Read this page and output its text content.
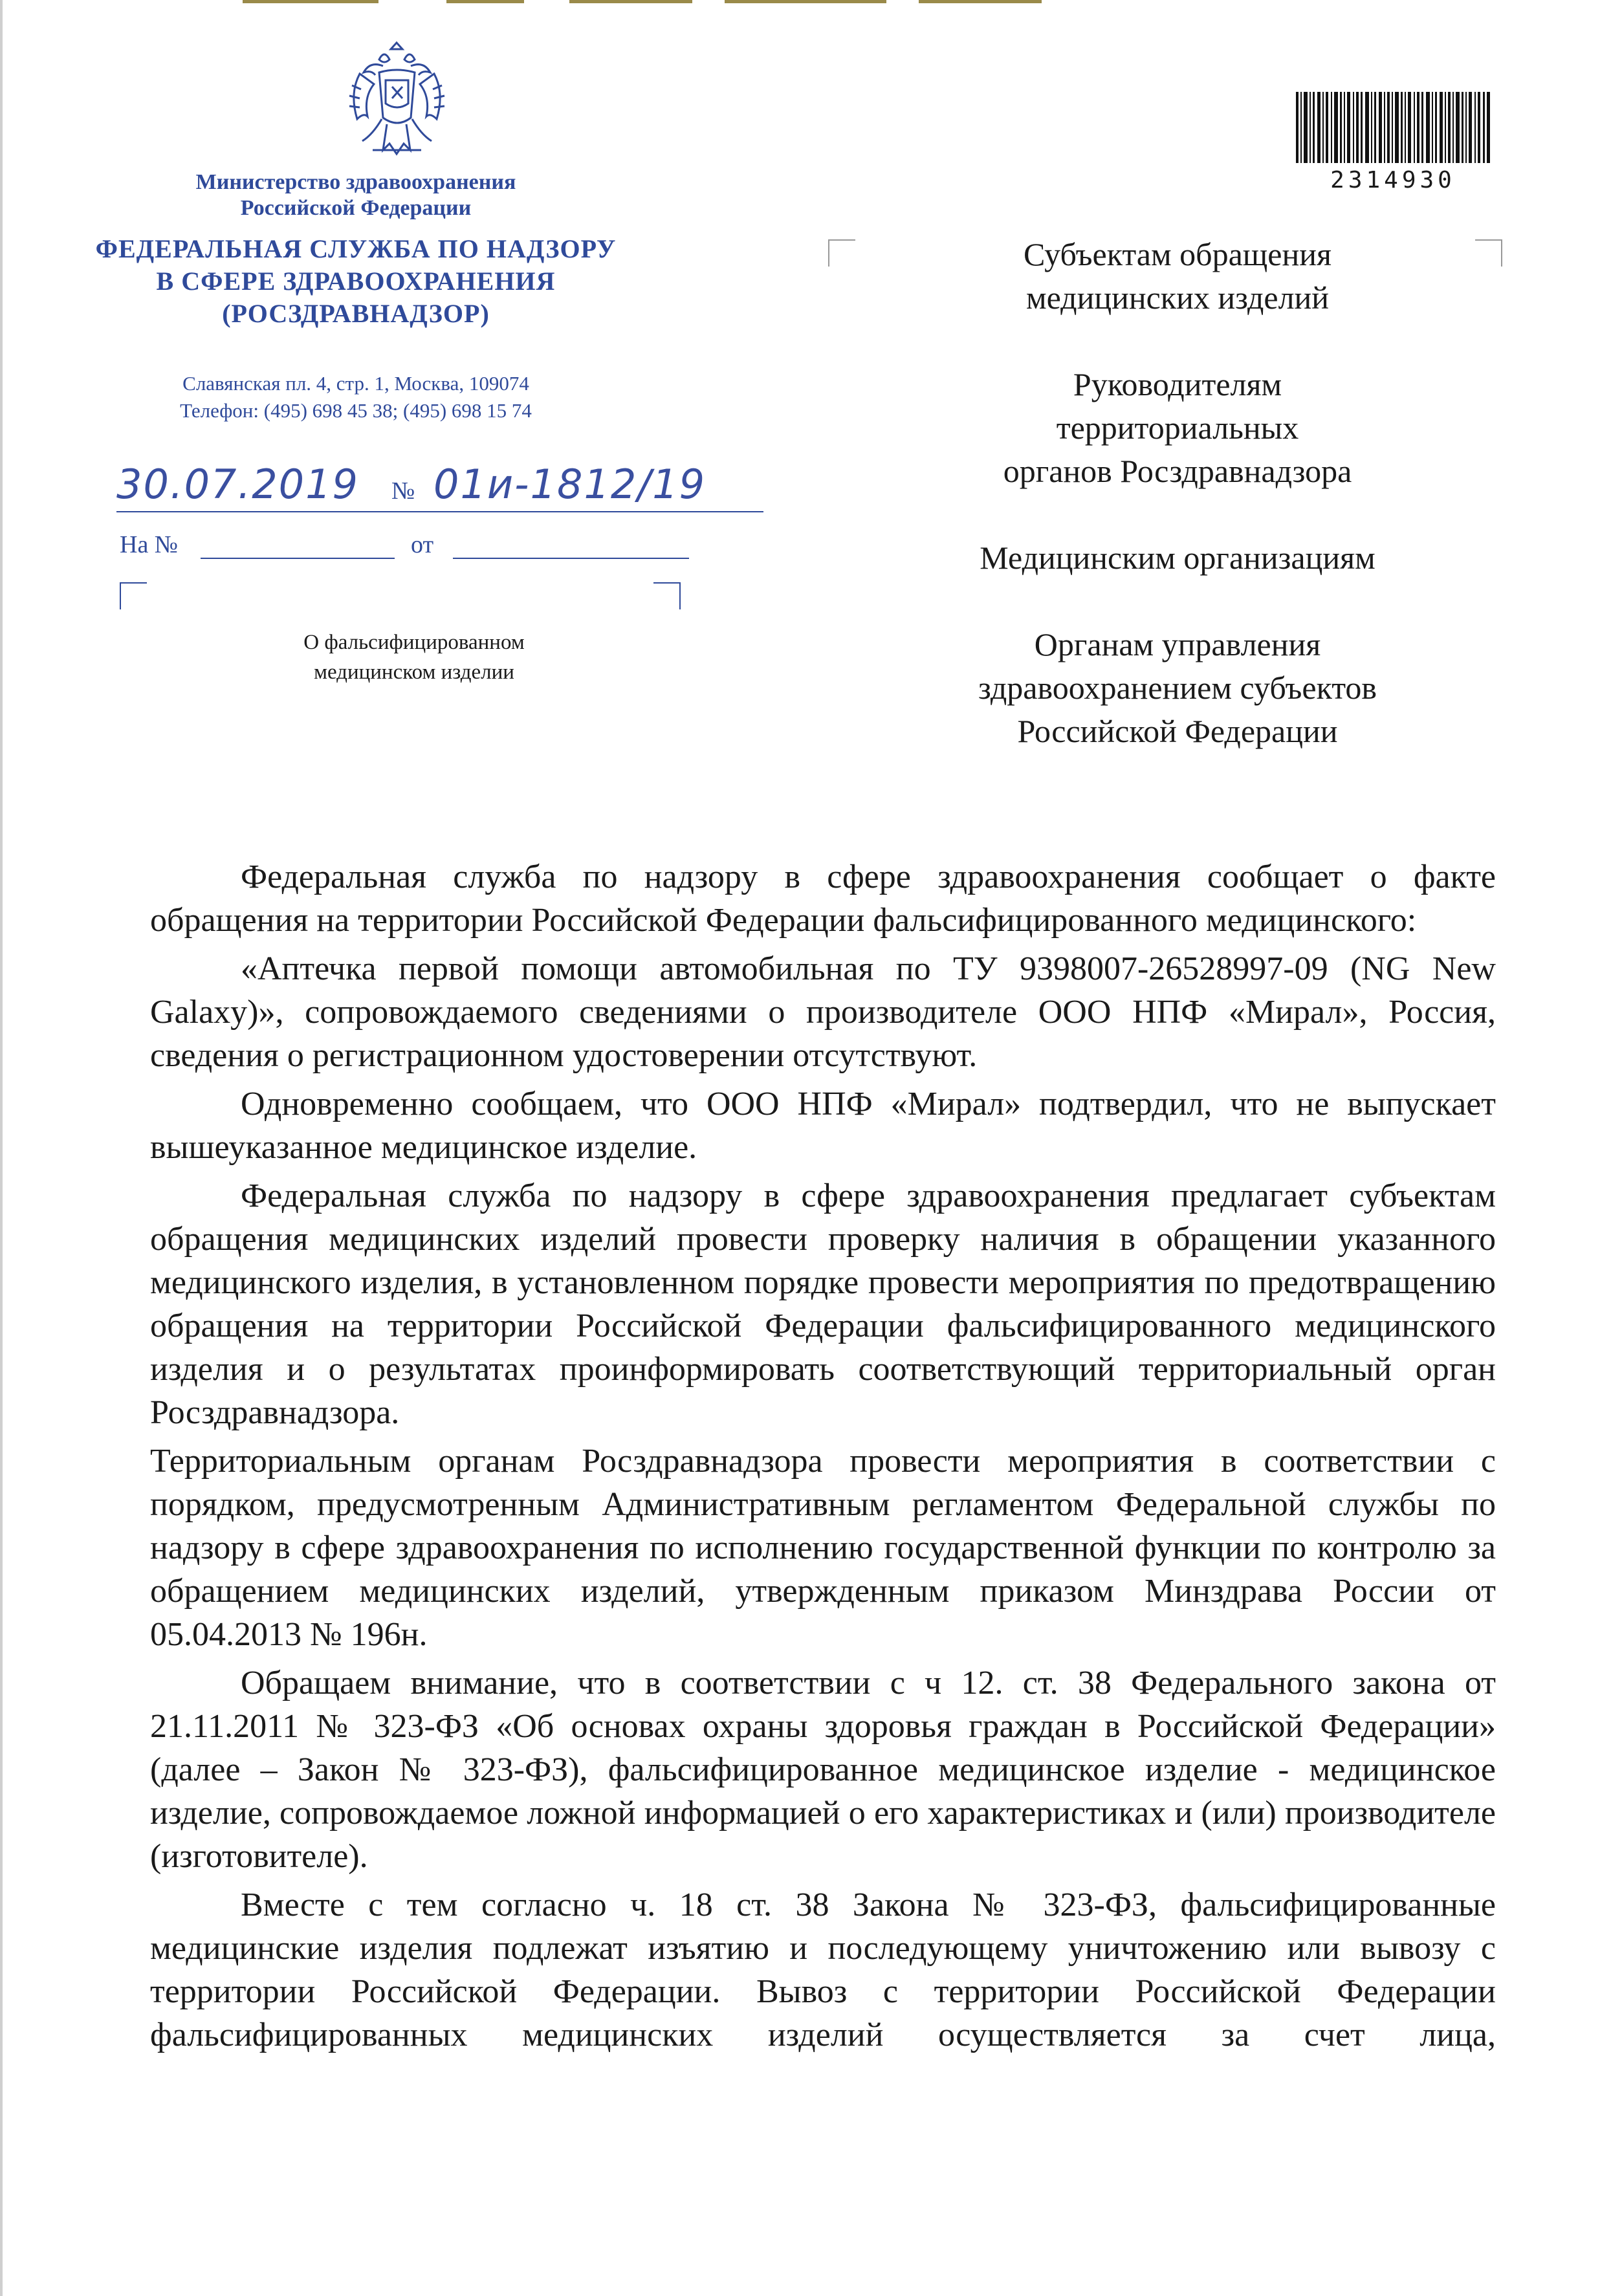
Министерство здравоохранения
Российской Федерации
ФЕДЕРАЛЬНАЯ СЛУЖБА ПО НАДЗОРУ
В СФЕРЕ ЗДРАВООХРАНЕНИЯ
(РОСЗДРАВНАДЗОР)
Славянская пл. 4, стр. 1, Москва, 109074
Телефон: (495) 698 45 38; (495) 698 15 74
30.07.2019 № 01и-1812/19
На №	от
О фальсифицированном
медицинском изделии
2314930

Субъектам обращения
медицинских изделий

Руководителям
территориальных
органов Росздравнадзора

Медицинским организациям

Органам управления
здравоохранением субъектов
Российской Федерации

Федеральная служба по надзору в сфере здравоохранения сообщает о факте обращения на территории Российской Федерации фальсифицированного медицинского:

«Аптечка первой помощи автомобильная по ТУ 9398007-26528997-09 (NG New Galaxy)», сопровождаемого сведениями о производителе ООО НПФ «Мирал», Россия, сведения о регистрационном удостоверении отсутствуют.

Одновременно сообщаем, что ООО НПФ «Мирал» подтвердил, что не выпускает вышеуказанное медицинское изделие.

Федеральная служба по надзору в сфере здравоохранения предлагает субъектам обращения медицинских изделий провести проверку наличия в обращении указанного медицинского изделия, в установленном порядке провести мероприятия по предотвращению обращения на территории Российской Федерации фальсифицированного медицинского изделия и о результатах проинформировать соответствующий территориальный орган Росздравнадзора.

Территориальным органам Росздравнадзора провести мероприятия в соответствии с порядком, предусмотренным Административным регламентом Федеральной службы по надзору в сфере здравоохранения по исполнению государственной функции по контролю за обращением медицинских изделий, утвержденным приказом Минздрава России от 05.04.2013 № 196н.

Обращаем внимание, что в соответствии с ч 12. ст. 38 Федерального закона от 21.11.2011 № 323-ФЗ «Об основах охраны здоровья граждан в Российской Федерации» (далее – Закон № 323-ФЗ), фальсифицированное медицинское изделие - медицинское изделие, сопровождаемое ложной информацией о его характеристиках и (или) производителе (изготовителе).

Вместе с тем согласно ч. 18 ст. 38 Закона № 323-ФЗ, фальсифицированные медицинские изделия подлежат изъятию и последующему уничтожению или вывозу с территории Российской Федерации. Вывоз с территории Российской Федерации фальсифицированных медицинских изделий осуществляется за счет лица,
